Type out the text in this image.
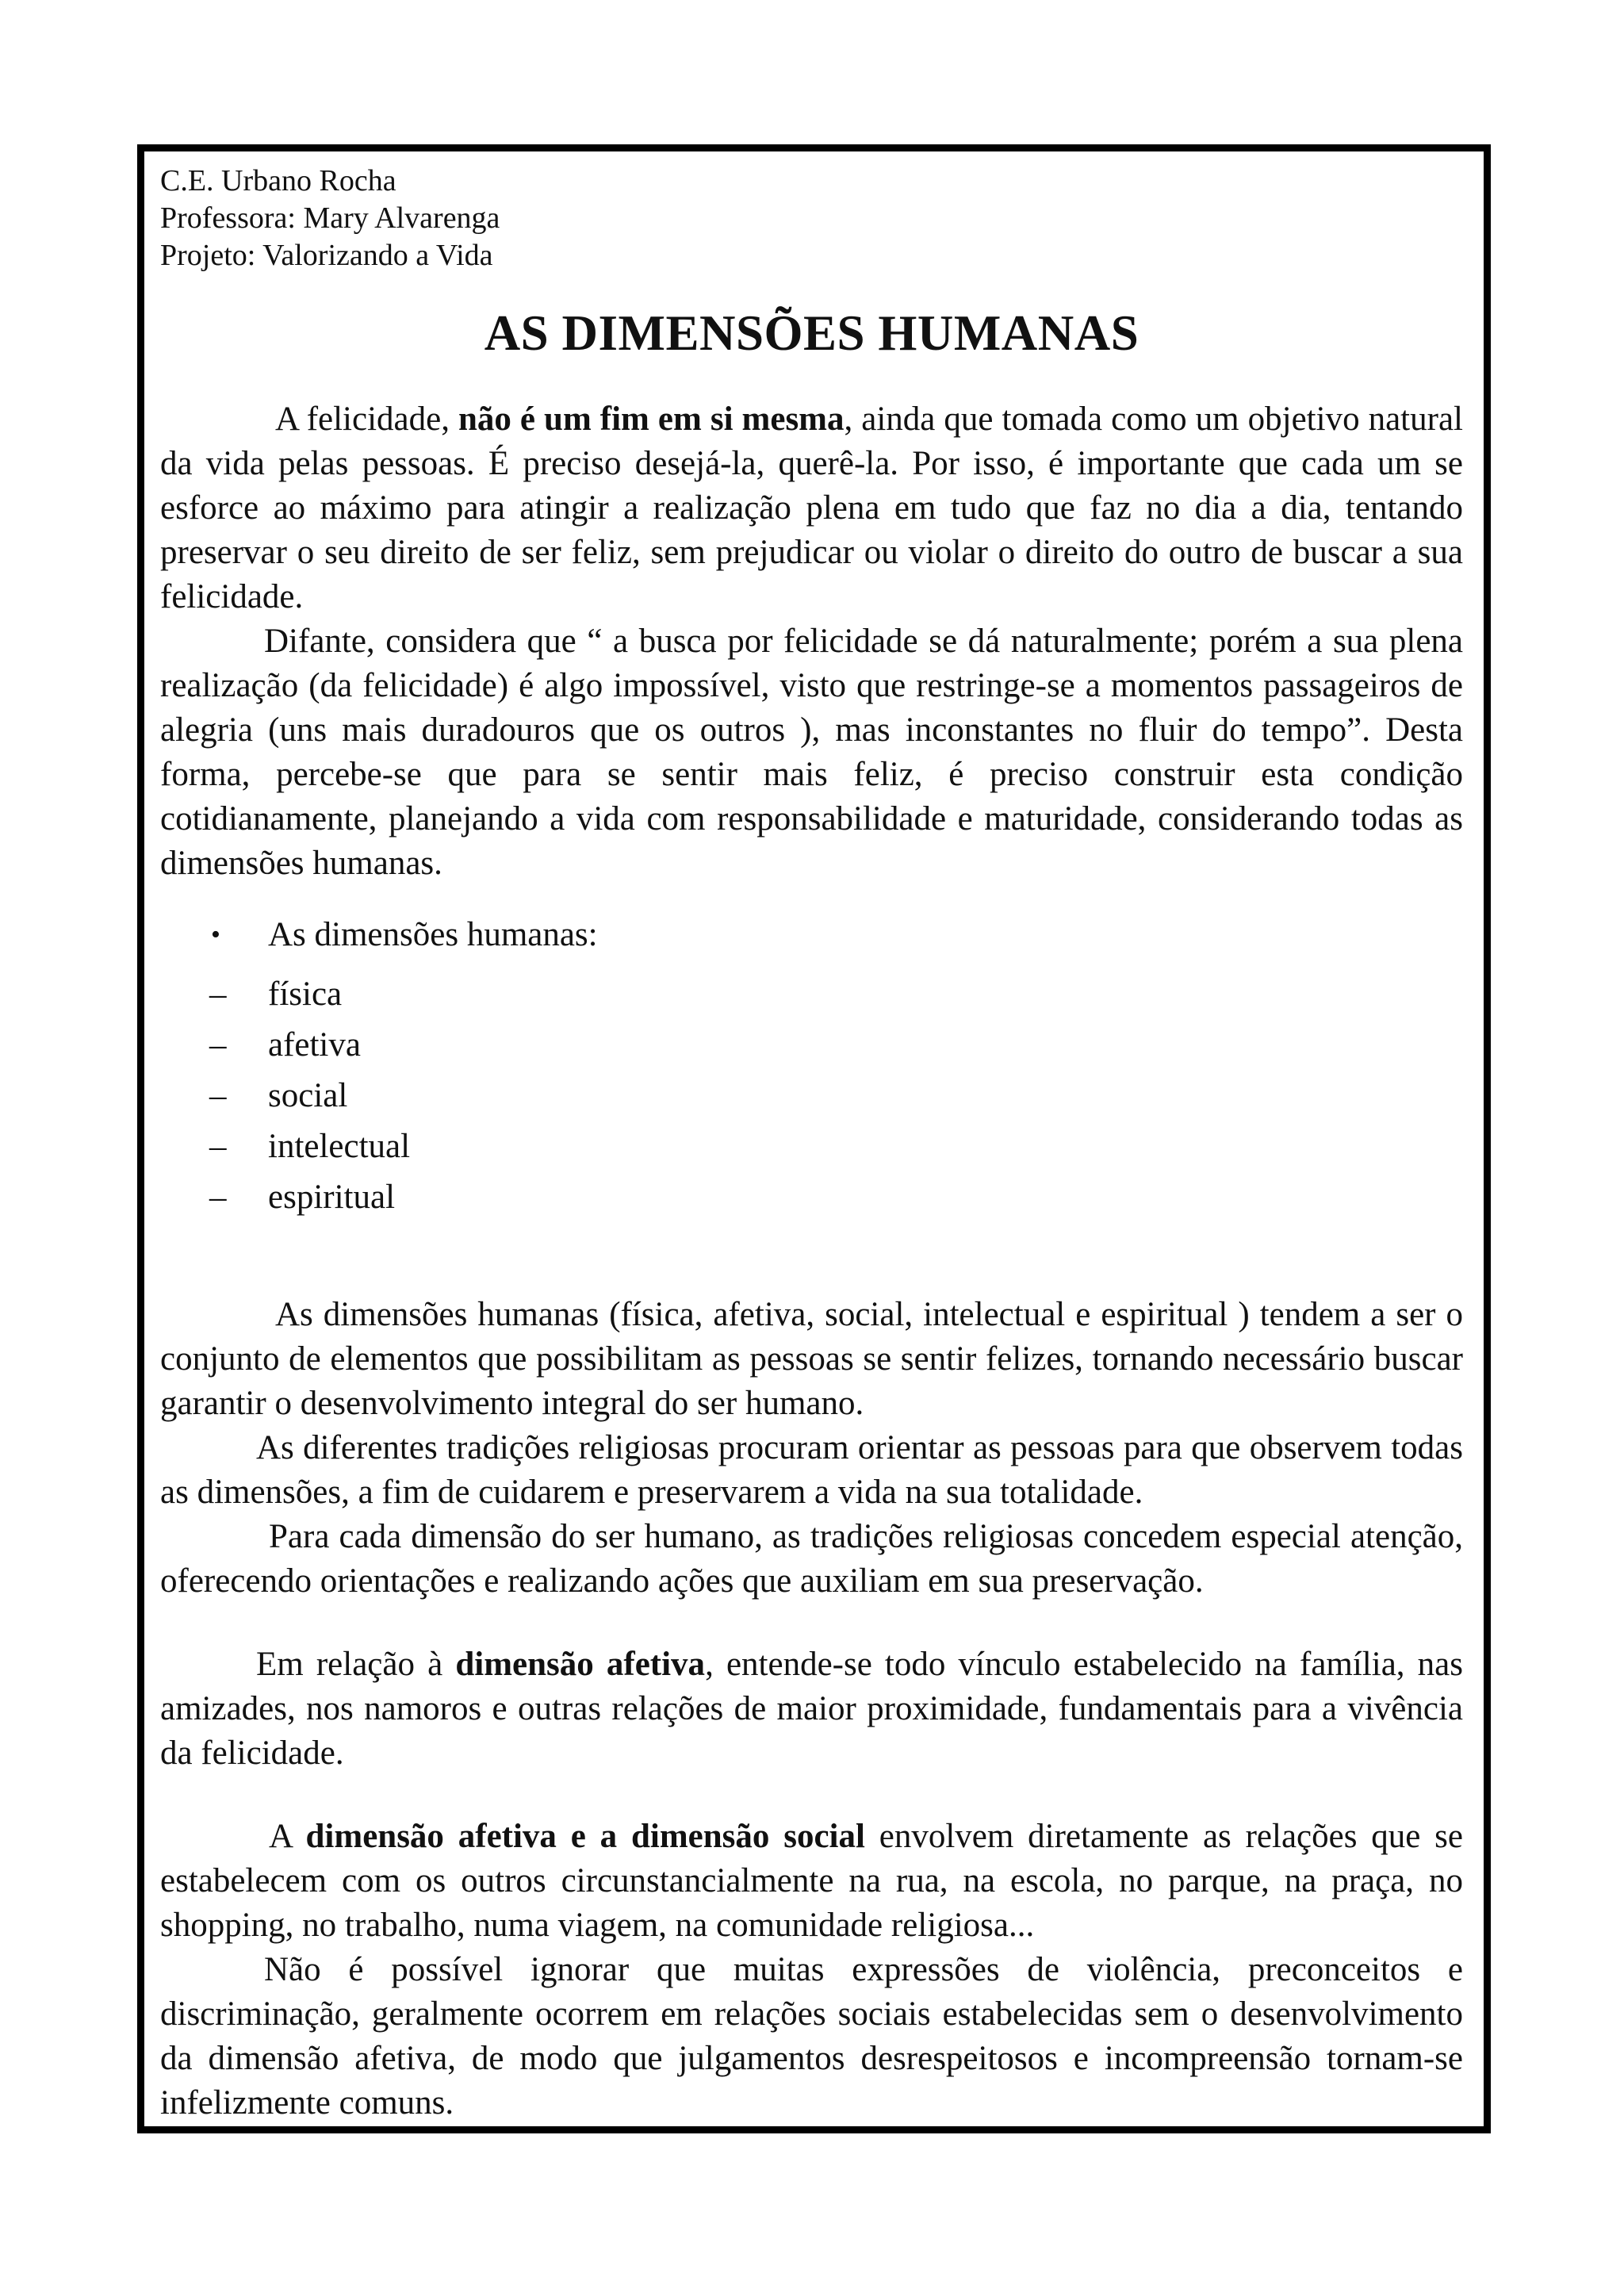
C.E. Urbano Rocha

Professora: Mary Alvarenga

Projeto: Valorizando a Vida

AS DIMENSÕES HUMANAS

A felicidade, não é um fim em si mesma, ainda que tomada como um objetivo natural da vida pelas pessoas. É preciso desejá-la, querê-la. Por isso, é importante que cada um se esforce ao máximo para atingir a realização plena em tudo que faz no dia a dia, tentando preservar o seu direito de ser feliz, sem prejudicar ou violar o direito do outro de buscar a sua felicidade.

Difante, considera que “ a busca por felicidade se dá naturalmente; porém a sua plena realização (da felicidade) é algo impossível, visto que restringe-se a momentos passageiros de alegria (uns mais duradouros que os outros ), mas inconstantes no fluir do tempo”. Desta forma, percebe-se que para se sentir mais feliz, é preciso construir esta condição cotidianamente, planejando a vida com responsabilidade e maturidade, considerando todas as dimensões humanas.

• As dimensões humanas:
– física
– afetiva
– social
– intelectual
– espiritual

As dimensões humanas (física, afetiva, social, intelectual e espiritual ) tendem a ser o conjunto de elementos que possibilitam as pessoas se sentir felizes, tornando necessário buscar garantir o desenvolvimento integral do ser humano.

As diferentes tradições religiosas procuram orientar as pessoas para que observem todas as dimensões, a fim de cuidarem e preservarem a vida na sua totalidade.

Para cada dimensão do ser humano, as tradições religiosas concedem especial atenção, oferecendo orientações e realizando ações que auxiliam em sua preservação.

Em relação à dimensão afetiva, entende-se todo vínculo estabelecido na família, nas amizades, nos namoros e outras relações de maior proximidade, fundamentais para a vivência da felicidade.

A dimensão afetiva e a dimensão social envolvem diretamente as relações que se estabelecem com os outros circunstancialmente na rua, na escola, no parque, na praça, no shopping, no trabalho, numa viagem, na comunidade religiosa...

Não é possível ignorar que muitas expressões de violência, preconceitos e discriminação, geralmente ocorrem em relações sociais estabelecidas sem o desenvolvimento da dimensão afetiva, de modo que julgamentos desrespeitosos e incompreensão tornam-se infelizmente comuns.
